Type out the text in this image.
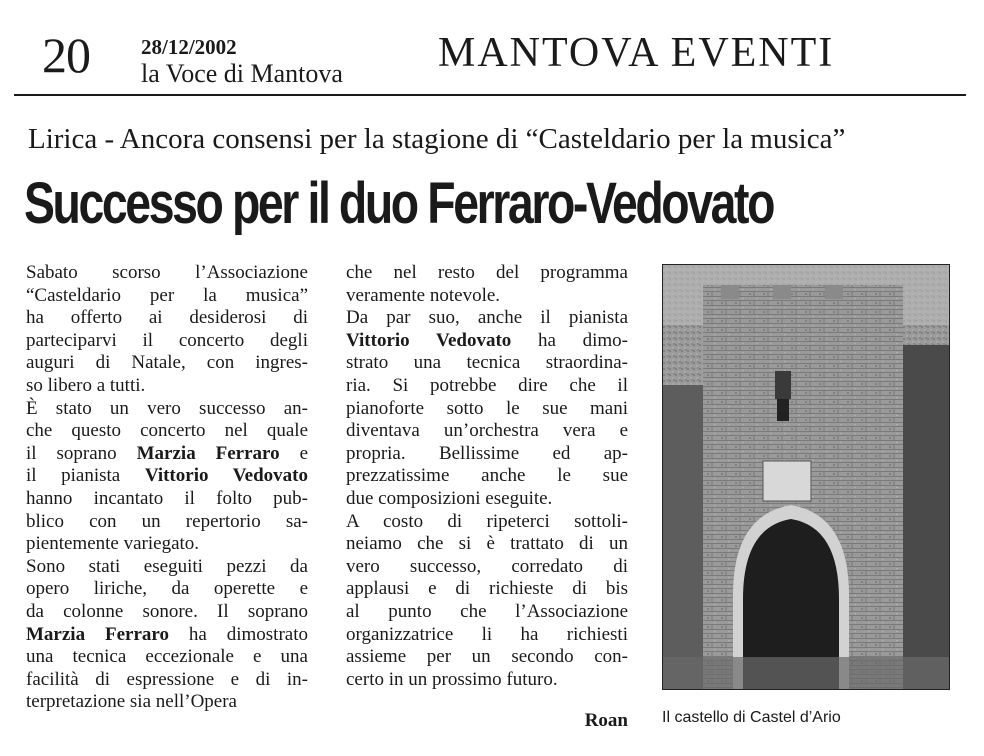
20 28/12/2002
la Voce di Mantova MANTOVA EVENTI
Lirica - Ancora consensi per la stagione di “Casteldario per la musica”
Successo per il duo Ferraro-Vedovato
Sabato scorso l’Associazione
“Casteldario per la musica”
ha offerto ai desiderosi di
parteciparvi il concerto degli
auguri di Natale, con ingres-
so libero a tutti.
È stato un vero successo an-
che questo concerto nel quale
il soprano Marzia Ferraro e
il pianista Vittorio Vedovato
hanno incantato il folto pub-
blico con un repertorio sa-
pientemente variegato.
Sono stati eseguiti pezzi da
opero liriche, da operette e
da colonne sonore. Il soprano
Marzia Ferraro ha dimostrato
una tecnica eccezionale e una
facilità di espressione e di in-
terpretazione sia nell’Opera
che nel resto del programma
veramente notevole.
Da par suo, anche il pianista
Vittorio Vedovato ha dimo-
strato una tecnica straordina-
ria. Si potrebbe dire che il
pianoforte sotto le sue mani
diventava un’orchestra vera e
propria. Bellissime ed ap-
prezzatissime anche le sue
due composizioni eseguite.
A costo di ripeterci sottoli-
neiamo che si è trattato di un
vero successo, corredato di
applausi e di richieste di bis
al punto che l’Associazione
organizzatrice li ha richiesti
assieme per un secondo con-
certo in un prossimo futuro.
Roan Il castello di Castel d’Ario
